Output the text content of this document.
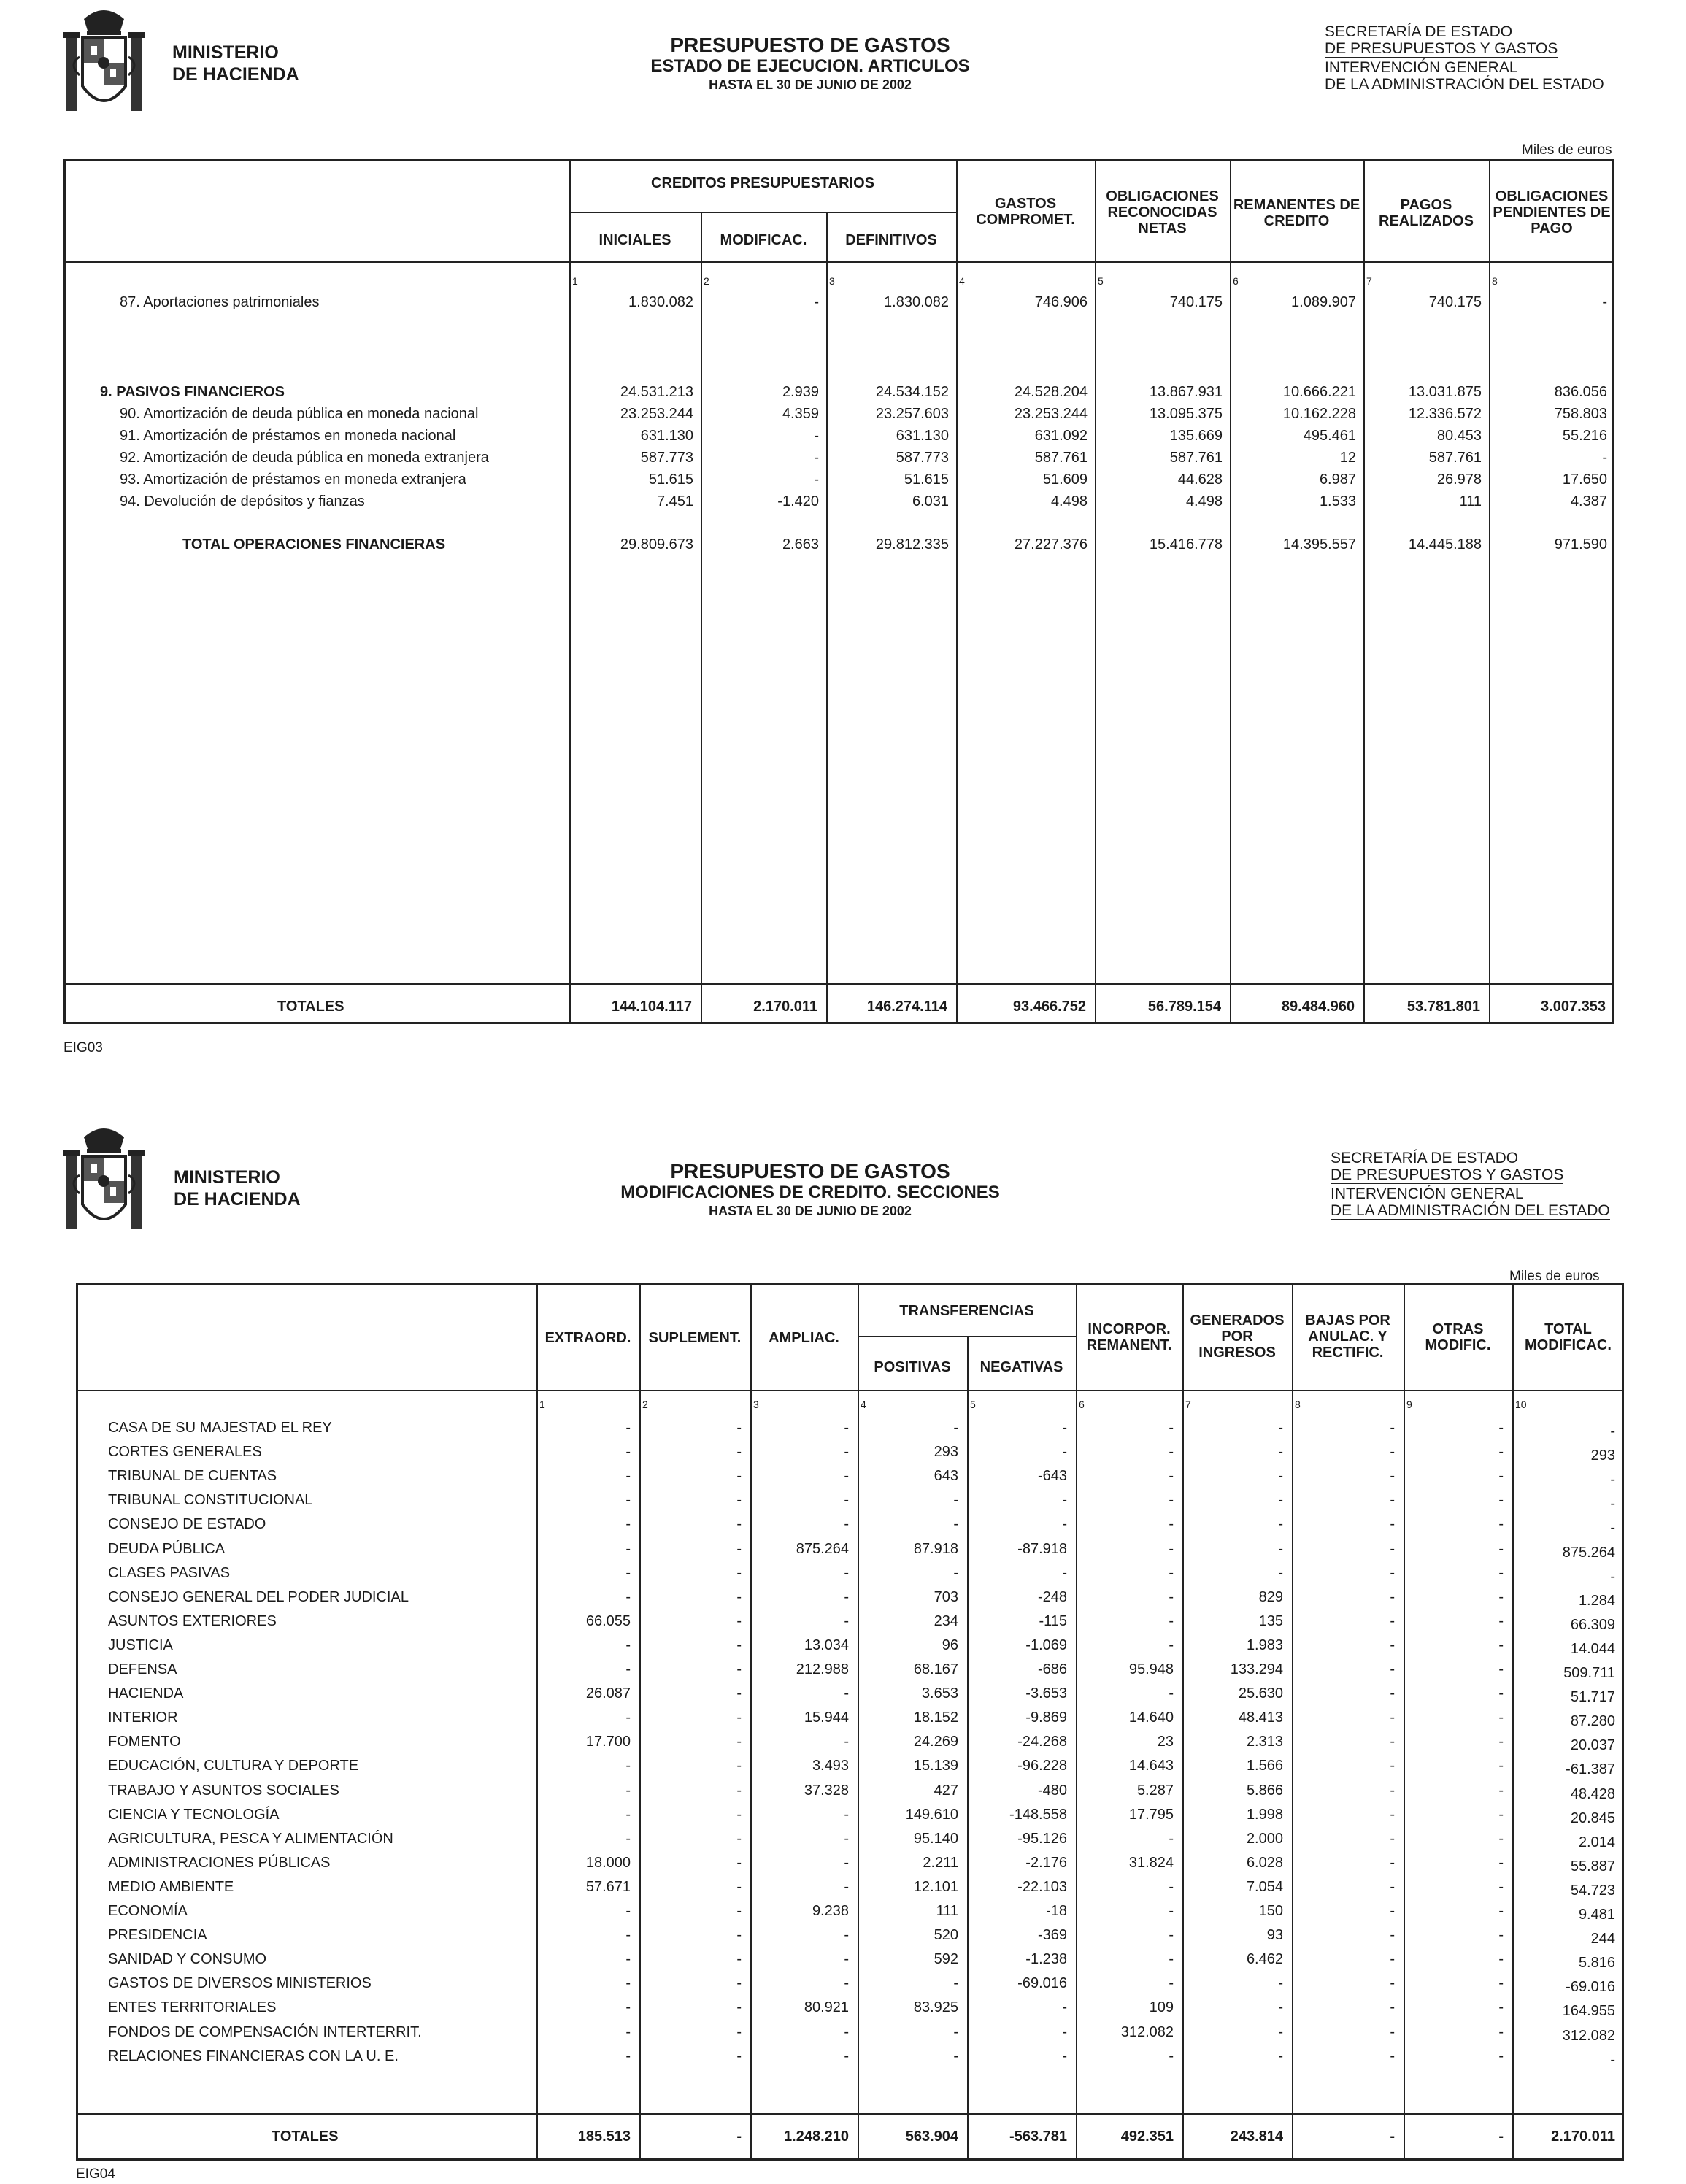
MINISTERIO
DE HACIENDA
PRESUPUESTO DE GASTOS
ESTADO DE EJECUCION. ARTICULOS
HASTA EL 30 DE JUNIO DE 2002
SECRETARÍA DE ESTADO
DE PRESUPUESTOS Y GASTOS
INTERVENCIÓN GENERAL
DE LA ADMINISTRACIÓN DEL ESTADO
Miles de euros
CREDITOS PRESUPUESTARIOS
INICIALES	MODIFICAC.	DEFINITIVOS
GASTOS COMPROMET.
OBLIGACIONES RECONOCIDAS NETAS
REMANENTES DE CREDITO
PAGOS REALIZADOS
OBLIGACIONES PENDIENTES DE PAGO
1	2	3	4	5	6	7	8
87. Aportaciones patrimoniales	1.830.082	-	1.830.082	746.906	740.175	1.089.907	740.175	-
9. PASIVOS FINANCIEROS	24.531.213	2.939	24.534.152	24.528.204	13.867.931	10.666.221	13.031.875	836.056
90. Amortización de deuda pública en moneda nacional	23.253.244	4.359	23.257.603	23.253.244	13.095.375	10.162.228	12.336.572	758.803
91. Amortización de préstamos en moneda nacional	631.130	-	631.130	631.092	135.669	495.461	80.453	55.216
92. Amortización de deuda pública en moneda extranjera	587.773	-	587.773	587.761	587.761	12	587.761	-
93. Amortización de préstamos en moneda extranjera	51.615	-	51.615	51.609	44.628	6.987	26.978	17.650
94. Devolución de depósitos y fianzas	7.451	-1.420	6.031	4.498	4.498	1.533	111	4.387
TOTAL OPERACIONES FINANCIERAS	29.809.673	2.663	29.812.335	27.227.376	15.416.778	14.395.557	14.445.188	971.590
TOTALES	144.104.117	2.170.011	146.274.114	93.466.752	56.789.154	89.484.960	53.781.801	3.007.353
EIG03
MINISTERIO
DE HACIENDA
PRESUPUESTO DE GASTOS
MODIFICACIONES DE CREDITO. SECCIONES
HASTA EL 30 DE JUNIO DE 2002
SECRETARÍA DE ESTADO
DE PRESUPUESTOS Y GASTOS
INTERVENCIÓN GENERAL
DE LA ADMINISTRACIÓN DEL ESTADO
Miles de euros
TRANSFERENCIAS
EXTRAORD.	SUPLEMENT.	AMPLIAC.
POSITIVAS	NEGATIVAS
INCORPOR. REMANENT.
GENERADOS POR INGRESOS
BAJAS POR ANULAC. Y RECTIFIC.
OTRAS MODIFIC.
TOTAL MODIFICAC.
1	2	3	4	5	6	7	8	9	10
CASA DE SU MAJESTAD EL REY	-	-	-	-	-	-	-	-	-	-
CORTES GENERALES	-	-	-	293	-	-	-	-	-	293
TRIBUNAL DE CUENTAS	-	-	-	643	-643	-	-	-	-	-
TRIBUNAL CONSTITUCIONAL	-	-	-	-	-	-	-	-	-	-
CONSEJO DE ESTADO	-	-	-	-	-	-	-	-	-	-
DEUDA PÚBLICA	-	-	875.264	87.918	-87.918	-	-	-	-	875.264
CLASES PASIVAS	-	-	-	-	-	-	-	-	-	-
CONSEJO GENERAL DEL PODER JUDICIAL	-	-	-	703	-248	-	829	-	-	1.284
ASUNTOS EXTERIORES	66.055	-	-	234	-115	-	135	-	-	66.309
JUSTICIA	-	-	13.034	96	-1.069	-	1.983	-	-	14.044
DEFENSA	-	-	212.988	68.167	-686	95.948	133.294	-	-	509.711
HACIENDA	26.087	-	-	3.653	-3.653	-	25.630	-	-	51.717
INTERIOR	-	-	15.944	18.152	-9.869	14.640	48.413	-	-	87.280
FOMENTO	17.700	-	-	24.269	-24.268	23	2.313	-	-	20.037
EDUCACIÓN, CULTURA Y DEPORTE	-	-	3.493	15.139	-96.228	14.643	1.566	-	-	-61.387
TRABAJO Y ASUNTOS SOCIALES	-	-	37.328	427	-480	5.287	5.866	-	-	48.428
CIENCIA Y TECNOLOGÍA	-	-	-	149.610	-148.558	17.795	1.998	-	-	20.845
AGRICULTURA, PESCA Y ALIMENTACIÓN	-	-	-	95.140	-95.126	-	2.000	-	-	2.014
ADMINISTRACIONES PÚBLICAS	18.000	-	-	2.211	-2.176	31.824	6.028	-	-	55.887
MEDIO AMBIENTE	57.671	-	-	12.101	-22.103	-	7.054	-	-	54.723
ECONOMÍA	-	-	9.238	111	-18	-	150	-	-	9.481
PRESIDENCIA	-	-	-	520	-369	-	93	-	-	244
SANIDAD Y CONSUMO	-	-	-	592	-1.238	-	6.462	-	-	5.816
GASTOS DE DIVERSOS MINISTERIOS	-	-	-	-	-69.016	-	-	-	-	-69.016
ENTES TERRITORIALES	-	-	80.921	83.925	-	109	-	-	-	164.955
FONDOS DE COMPENSACIÓN INTERTERRIT.	-	-	-	-	-	312.082	-	-	-	312.082
RELACIONES FINANCIERAS CON LA U. E.	-	-	-	-	-	-	-	-	-	-
TOTALES	185.513	-	1.248.210	563.904	-563.781	492.351	243.814	-	-	2.170.011
EIG04
